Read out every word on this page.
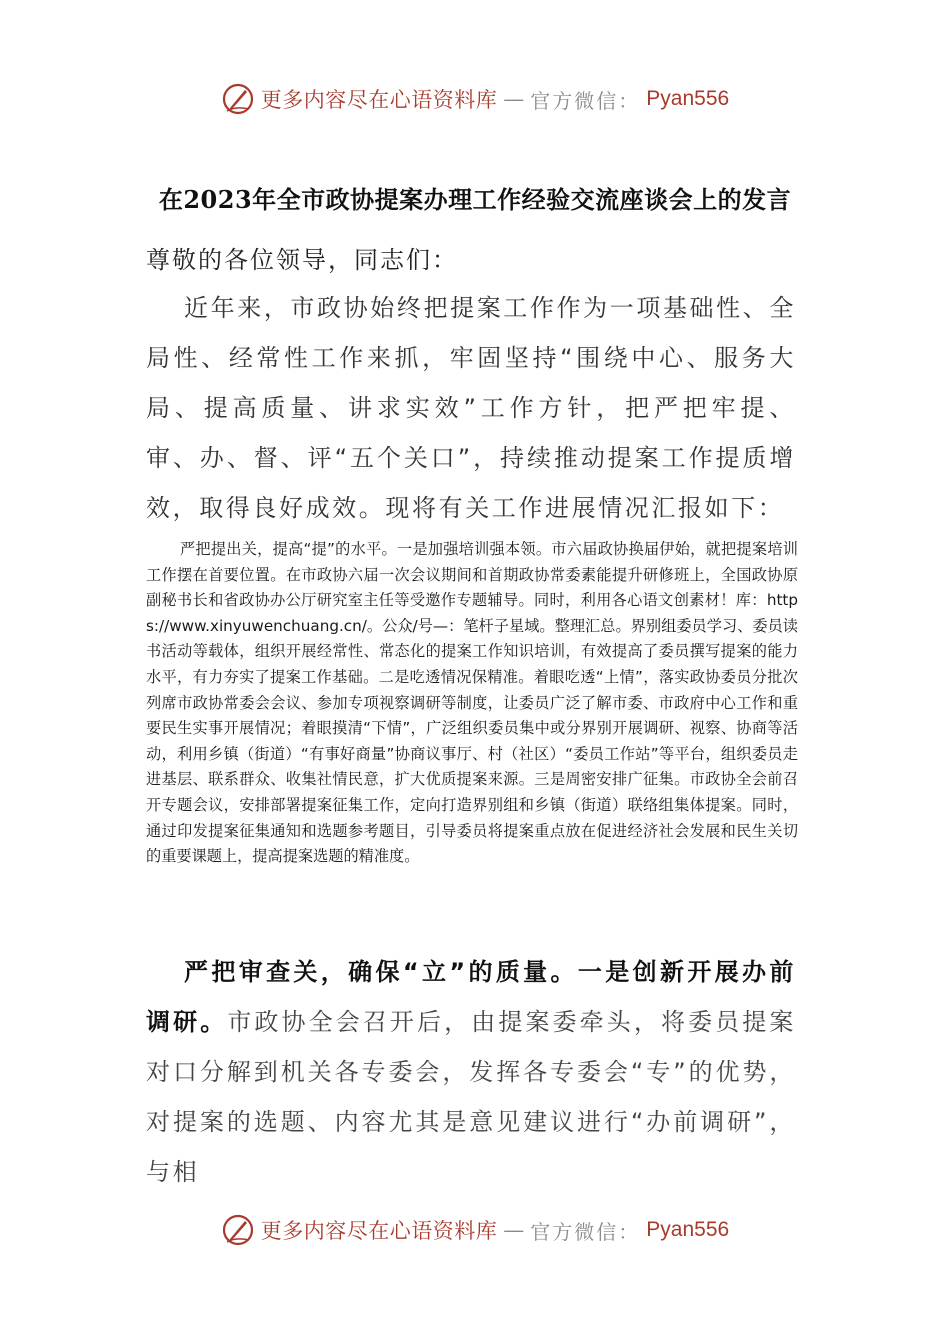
更多内容尽在心语资料库 — 官方微信： Pyan556
在2023年全市政协提案办理工作经验交流座谈会上的发言
尊敬的各位领导，同志们：

近年来，市政协始终把提案工作作为一项基础性、全局性、经常性工作来抓，牢固坚持“围绕中心、服务大局、提高质量、讲求实效”工作方针，把严把牢提、审、办、督、评“五个关口”，持续推动提案工作提质增效，取得良好成效。现将有关工作进展情况汇报如下：

严把提出关，提高“提”的水平。一是加强培训强本领。市六届政协换届伊始，就把提案培训工作摆在首要位置。在市政协六届一次会议期间和首期政协常委素能提升研修班上，全国政协原副秘书长和省政协办公厅研究室主任等受邀作专题辅导。同时，利用各心语文创素材！库：https://www.xinyuwenchuang.cn/。公众/号—：笔杆子星域。整理汇总。界别组委员学习、委员读书活动等载体，组织开展经常性、常态化的提案工作知识培训，有效提高了委员撰写提案的能力水平，有力夯实了提案工作基础。二是吃透情况保精准。着眼吃透“上情”，落实政协委员分批次列席市政协常委会会议、参加专项视察调研等制度，让委员广泛了解市委、市政府中心工作和重要民生实事开展情况；着眼摸清“下情”，广泛组织委员集中或分界别开展调研、视察、协商等活动，利用乡镇（街道）“有事好商量”协商议事厅、村（社区）“委员工作站”等平台，组织委员走进基层、联系群众、收集社情民意，扩大优质提案来源。三是周密安排广征集。市政协全会前召开专题会议，安排部署提案征集工作，定向打造界别组和乡镇（街道）联络组集体提案。同时，通过印发提案征集通知和选题参考题目，引导委员将提案重点放在促进经济社会发展和民生关切的重要课题上，提高提案选题的精准度。

严把审查关，确保“立”的质量。一是创新开展办前调研。市政协全会召开后，由提案委牵头，将委员提案对口分解到机关各专委会，发挥各专委会“专”的优势，对提案的选题、内容尤其是意见建议进行“办前调研”，与相

更多内容尽在心语资料库 — 官方微信： Pyan556
